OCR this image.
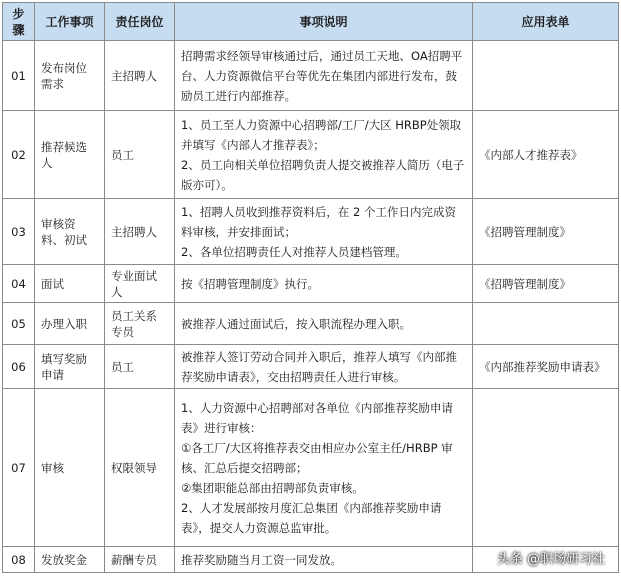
步骤	工作事项	责任岗位	事项说明	应用表单
01	发布岗位需求	主招聘人	招聘需求经领导审核通过后，通过员工天地、OA招聘平台、人力资源微信平台等优先在集团内部进行发布，鼓励员工进行内部推荐。	

02	推荐候选人	员工	1、员工至人力资源中心招聘部/工厂/大区 HRBP处领取并填写《内部人才推荐表》；
2、员工向相关单位招聘负责人提交被推荐人简历（电子版亦可）。	《内部人才推荐表》
03	审核资料、初试	主招聘人	1、招聘人员收到推荐资料后，在 2 个工作日内完成资料审核，并安排面试；
2、各单位招聘责任人对推荐人员建档管理。	《招聘管理制度》
04	面试	专业面试人	按《招聘管理制度》执行。	《招聘管理制度》
05	办理入职	员工关系专员	被推荐人通过面试后，按入职流程办理入职。	

06	填写奖励申请	员工	被推荐人签订劳动合同并入职后，推荐人填写《内部推荐奖励申请表》，交由招聘责任人进行审核。	《内部推荐奖励申请表》
07	审核	权限领导	1、人力资源中心招聘部对各单位《内部推荐奖励申请表》进行审核：
①各工厂/大区将推荐表交由相应办公室主任/HRBP 审核、汇总后提交招聘部；
②集团职能总部由招聘部负责审核。
2、人才发展部按月度汇总集团《内部推荐奖励申请表》，提交人力资源总监审批。	

08	发放奖金	薪酬专员	推荐奖励随当月工资一同发放。	
		头条 @职场研习社
